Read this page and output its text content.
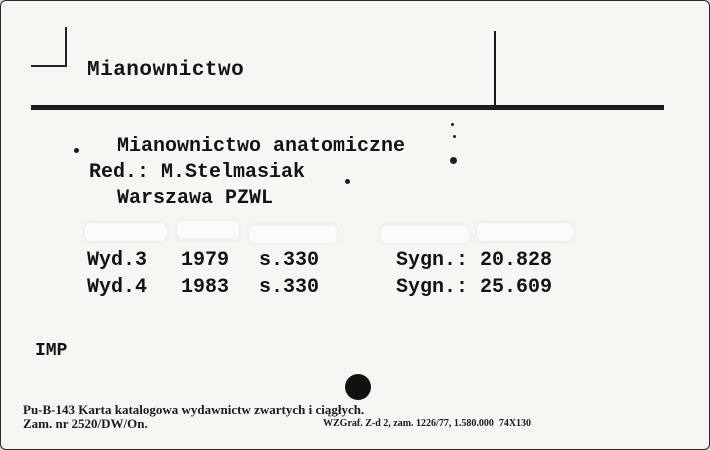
Mianownictwo
Mianownictwo anatomiczne
Red.: M.Stelmasiak
Warszawa PZWL
Wyd.3 1979 s.330	Sygn.: 20.828
Wyd.4 1983 s.330	Sygn.: 25.609
IMP
Pu-B-143 Karta katalogowa wydawnictw zwartych i ciągłych.
Zam. nr 2520/DW/On.	WZGraf. Z-d 2, zam. 1226/77, 1.580.000  74X130
